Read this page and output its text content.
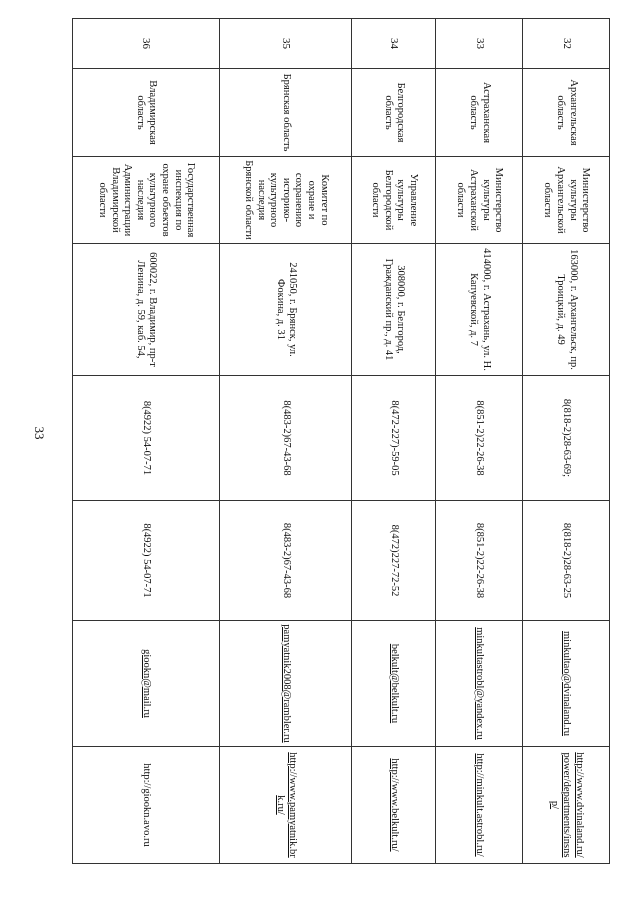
33
32	Архангельская область	Министерство культуры Архангельской области	163000, г. Архангельск, пр. Троицкий, д. 49	8(818-2)28-63-69;	8(818-2)28-63-25	minkultao@dvinaland.ru	http://www.dvinaland.ru/power/departments/insnsp/
33	Астраханская область	Министерство культуры Астраханской области	414000, г. Астрахань, ул. Н. Капуевской, д. 7	8(851-2)22-26-38	8(851-2)22-26-38	minkultastrobl@yandex.ru	http://minkult.astrobl.ru/
34	Белгородская область	Управление культуры Белгородской области	308000, г. Белгород, Гражданский пр., д. 41	8(472-227)-59-05	8(472)227-72-52	belkult@belkult.ru	http://www.belkult.ru/
35	Брянская область	Комитет по охране и сохранению историко-культурного наследия Брянской области	241050, г. Брянск, ул. Фокина, д. 31	8(483-2)67-43-68	8(483-2)67-43-68	pamyatnik2008@rambler.ru	http://www.pamyatnik.brk.ru/
36	Владимирская область	Государственная инспекция по охране объектов культурного наследия Администрации Владимирской области	600022, г. Владимир, пр-т Ленина, д. 59, каб. 54,	8(4922) 54-07-71	8(4922) 54-07-71	giookn@mail.ru	http://giookn.avo.ru
